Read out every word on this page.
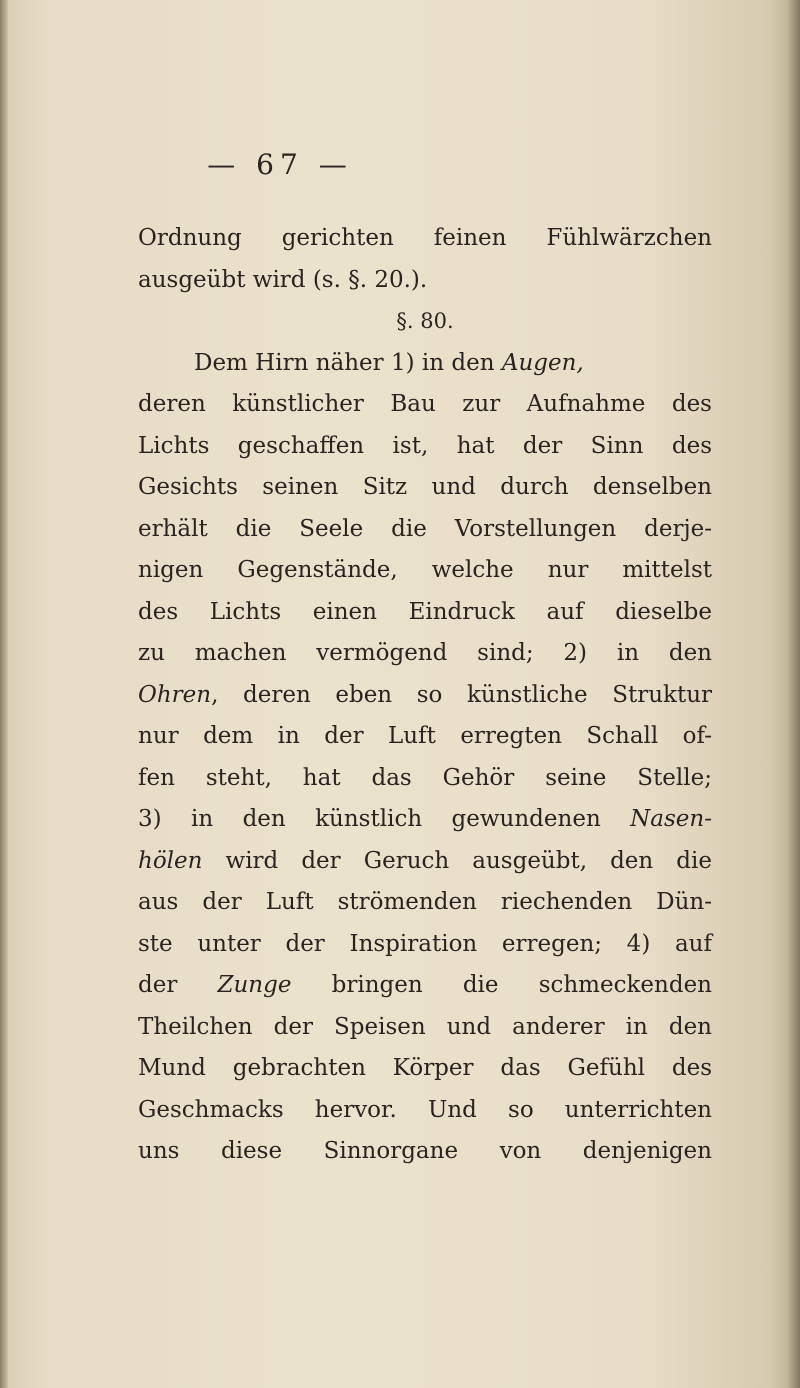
— 67 —
Ordnung gerichten feinen Fühlwärzchen
ausgeübt wird (s. §. 20.).
§. 80.
Dem Hirn näher 1) in den Augen,
deren künstlicher Bau zur Aufnahme des
Lichts geschaffen ist, hat der Sinn des
Gesichts seinen Sitz und durch denselben
erhält die Seele die Vorstellungen derje-
nigen Gegenstände, welche nur mittelst
des Lichts einen Eindruck auf dieselbe
zu machen vermögend sind; 2) in den
Ohren, deren eben so künstliche Struktur
nur dem in der Luft erregten Schall of-
fen steht, hat das Gehör seine Stelle;
3) in den künstlich gewundenen Nasen-
hölen wird der Geruch ausgeübt, den die
aus der Luft strömenden riechenden Dün-
ste unter der Inspiration erregen; 4) auf
der Zunge bringen die schmeckenden
Theilchen der Speisen und anderer in den
Mund gebrachten Körper das Gefühl des
Geschmacks hervor. Und so unterrichten
uns diese Sinnorgane von denjenigen
